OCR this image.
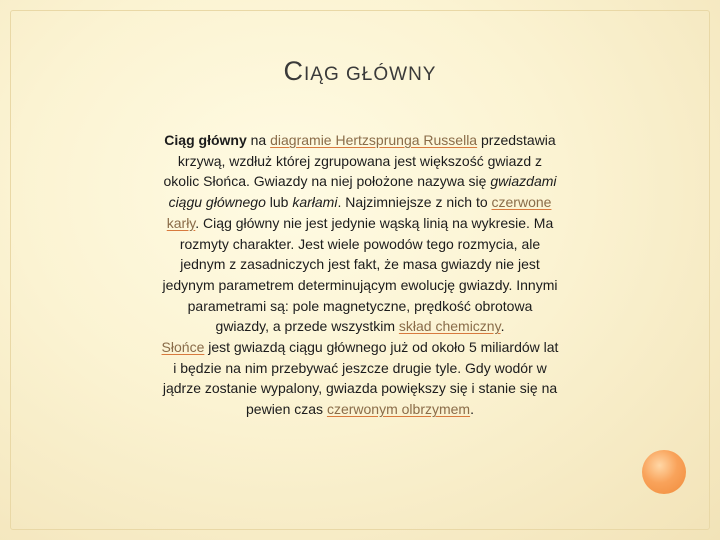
CIĄG GŁÓWNY
Ciąg główny na diagramie Hertzsprunga Russella przedstawia krzywą, wzdłuż której zgrupowana jest większość gwiazd z okolic Słońca. Gwiazdy na niej położone nazywa się gwiazdami ciągu głównego lub karłami. Najzimniejsze z nich to czerwone karły. Ciąg główny nie jest jedynie wąską linią na wykresie. Ma rozmyty charakter. Jest wiele powodów tego rozmycia, ale jednym z zasadniczych jest fakt, że masa gwiazdy nie jest jedynym parametrem determinującym ewolucję gwiazdy. Innymi parametrami są: pole magnetyczne, prędkość obrotowa gwiazdy, a przede wszystkim skład chemiczny.
Słońce jest gwiazdą ciągu głównego już od około 5 miliardów lat i będzie na nim przebywać jeszcze drugie tyle. Gdy wodór w jądrze zostanie wypalony, gwiazda powiększy się i stanie się na pewien czas czerwonym olbrzymem.
